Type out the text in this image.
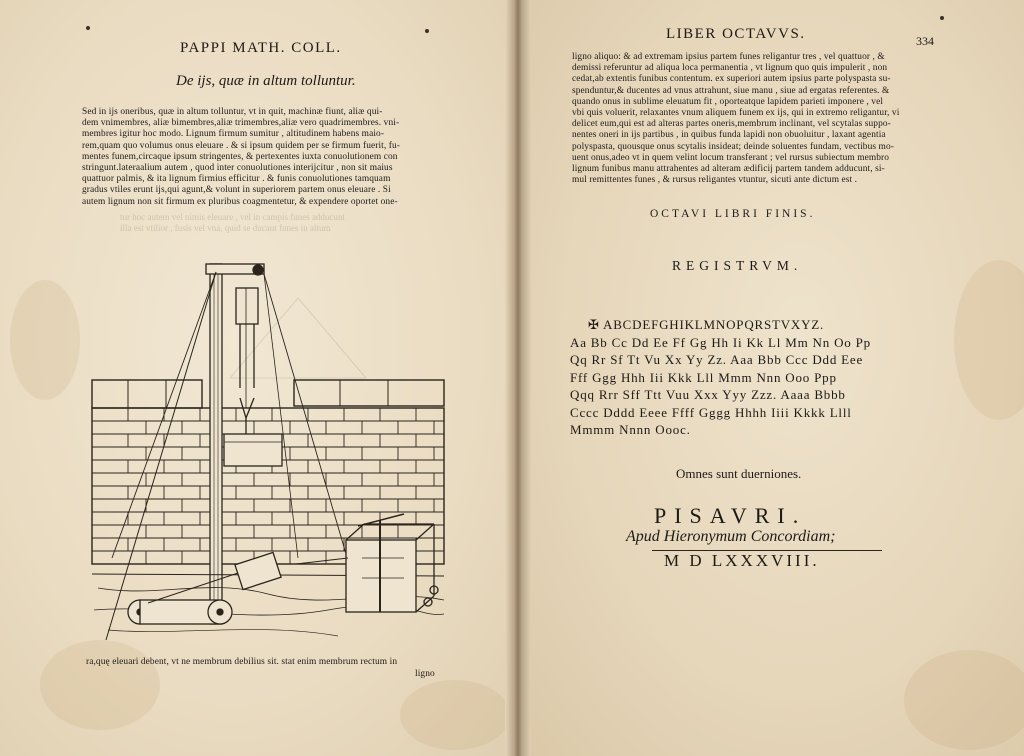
PAPPI MATH. COLL.
De ijs, quæ in altum tolluntur.
Sed in ijs oneribus, quæ in altum tolluntur, vt in quit, machinæ fiunt, aliæ qui-
dem vnimembres, aliæ bimembres,aliæ trimembres,aliæ vero quadrimembres. vni-
membres igitur hoc modo. Lignum firmum sumitur , altitudinem habens maio-
rem,quam quo volumus onus eleuare . & si ipsum quidem per se firmum fuerit, fu-
mentes funem,circaque ipsum stringentes, & pertexentes iuxta conuolutionem con
stringunt.lateraalium autem , quod inter conuolutiones interijcitur , non sit maius
quattuor palmis, & ita lignum firmius efficitur . & funis conuolutiones tamquam
gradus vtiles erunt ijs,qui agunt,& volunt in superiorem partem onus eleuare . Si
autem lignum non sit firmum ex pluribus coagmentetur, & expendere oportet one-
tur hoc autem vel nimis eleuare , vel in campis funes adducunt
illa est vtilior , fusis vel vna, quid se ducant funes in altum
ra,quę eleuari debent, vt ne membrum debilius sit. stat enim membrum rectum in
ligno
LIBER OCTAVVS.	334
ligno aliquo: & ad extremam ipsius partem funes religantur tres , vel quattuor , &
demissi referuntur ad aliqua loca permanentia , vt lignum quo quis impulerit , non
cedat,ab extentis funibus contentum. ex superiori autem ipsius parte polyspasta su-
spenduntur,& ducentes ad vnus attrahunt, siue manu , siue ad ergatas referentes. &
quando onus in sublime eleuatum fit , oporteatque lapidem parieti imponere , vel
vbi quis voluerit, relaxantes vnum aliquem funem ex ijs, qui in extremo religantur, vi
delicet eum,qui est ad alteras partes oneris,membrum inclinant, vel scytalas suppo-
nentes oneri in ijs partibus , in quibus funda lapidi non obuoluitur , laxant agentia
polyspasta, quousque onus scytalis insideat; deinde soluentes fundam, vectibus mo-
uent onus,adeo vt in quem velint locum transferant ; vel rursus subiectum membro
lignum funibus manu attrahentes ad alteram ædificij partem tandem adducunt, si-
mul remittentes funes , & rursus religantes vtuntur, sicuti ante dictum est .
OCTAVI LIBRI FINIS.
REGISTRVM.
✠ ABCDEFGHIKLMNOPQRSTVXYZ.
Aa Bb Cc Dd Ee Ff Gg Hh Ii Kk Ll Mm Nn Oo Pp
Qq Rr Sf Tt Vu Xx Yy Zz. Aaa Bbb Ccc Ddd Eee
Fff Ggg Hhh Iii Kkk Lll Mmm Nnn Ooo Ppp
Qqq Rrr Sff Ttt Vuu Xxx Yyy Zzz. Aaaa Bbbb
Cccc Dddd Eeee Ffff Gggg Hhhh Iiii Kkkk Llll
Mmmm Nnnn Oooc.
Omnes sunt duerniones.
PISAVRI.
Apud Hieronymum Concordiam;
M D LXXXVIII.
